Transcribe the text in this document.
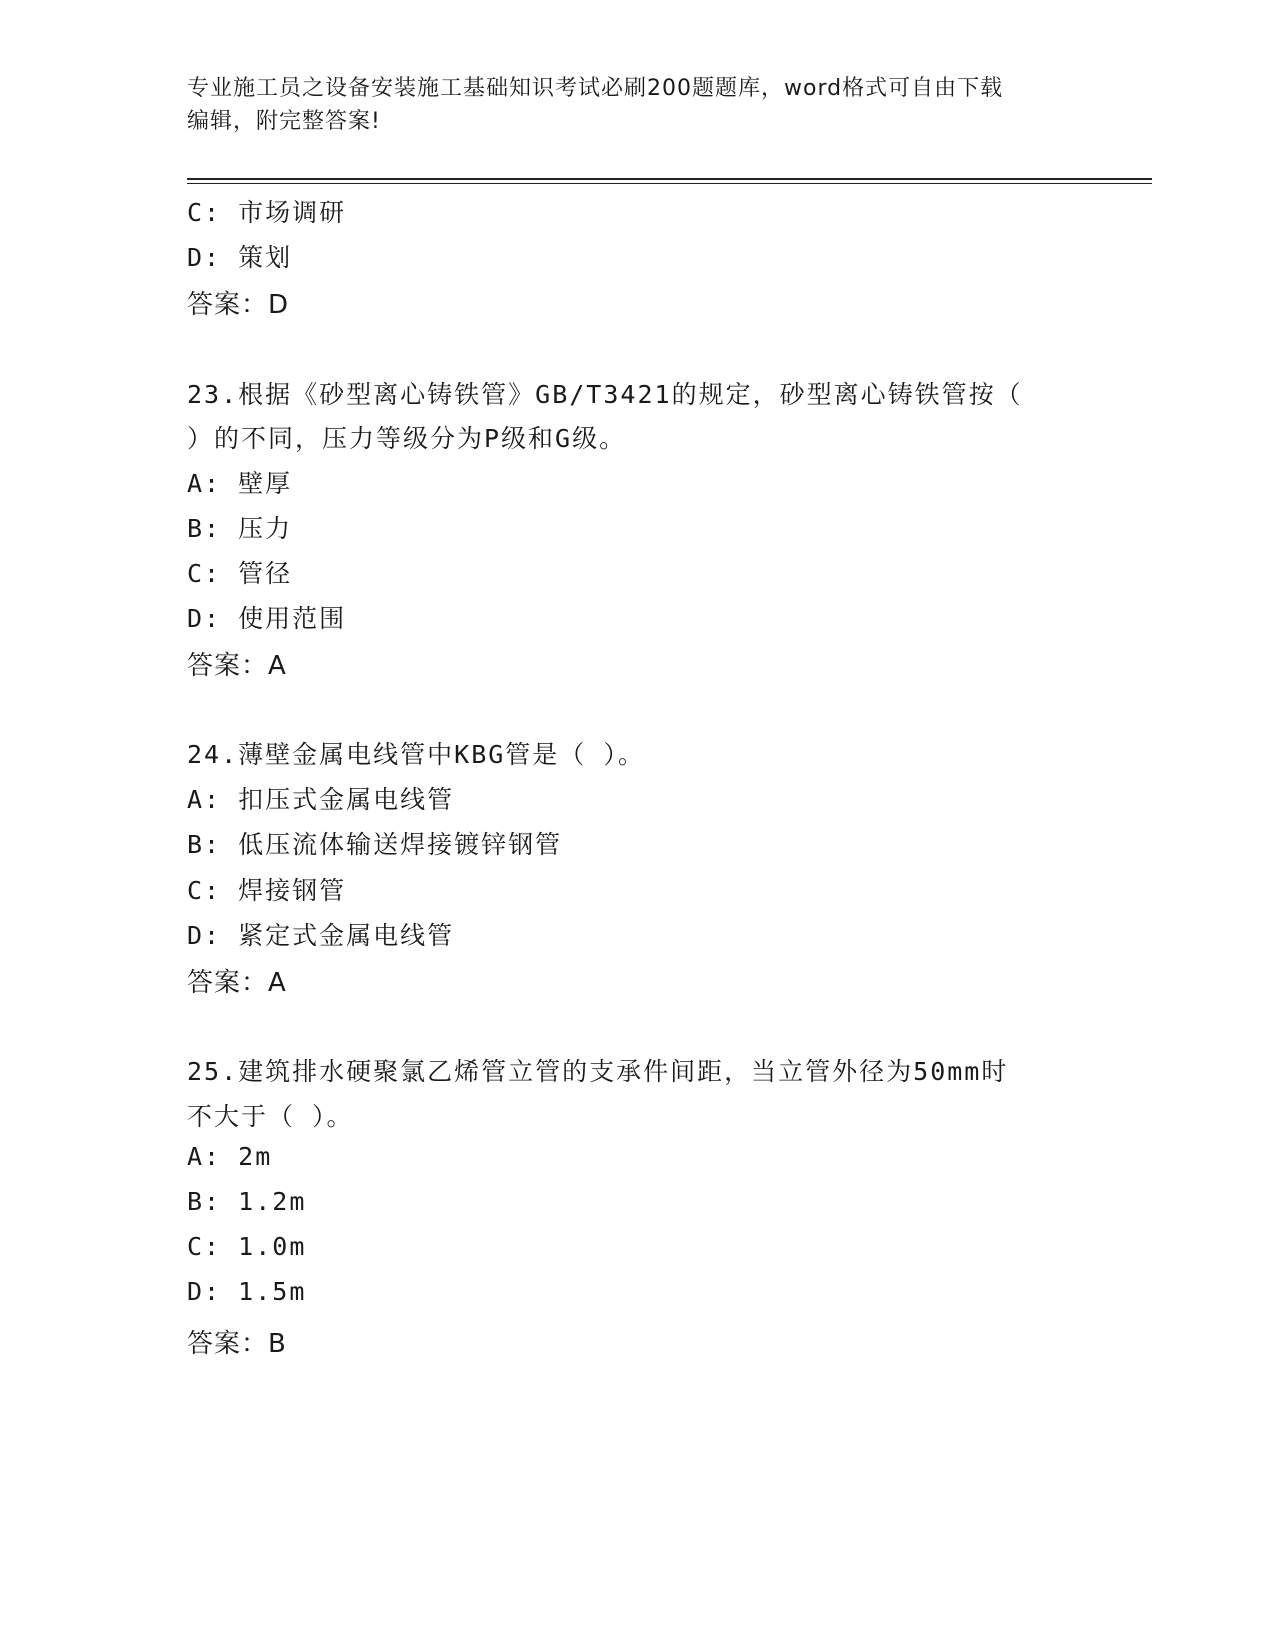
专业施工员之设备安装施工基础知识考试必刷200题题库，word格式可自由下载
编辑，附完整答案!
C: 市场调研
D: 策划
答案：D
23.根据《砂型离心铸铁管》GB/T3421的规定，砂型离心铸铁管按（
）的不同，压力等级分为P级和G级。
A: 壁厚
B: 压力
C: 管径
D: 使用范围
答案：A
24.薄壁金属电线管中KBG管是（ ）。
A: 扣压式金属电线管
B: 低压流体输送焊接镀锌钢管
C: 焊接钢管
D: 紧定式金属电线管
答案：A
25.建筑排水硬聚氯乙烯管立管的支承件间距，当立管外径为50mm时
不大于（ ）。
A: 2m
B: 1.2m
C: 1.0m
D: 1.5m
答案：B
